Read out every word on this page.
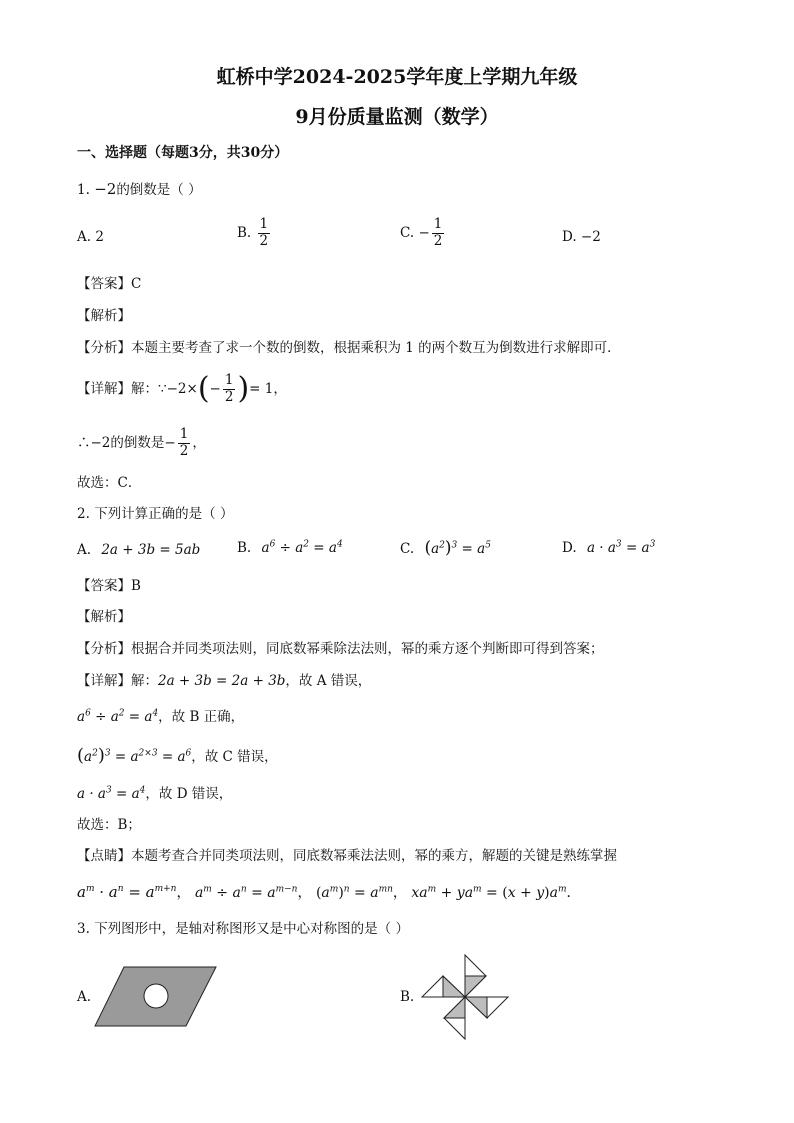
虹桥中学2024-2025学年度上学期九年级
9月份质量监测（数学）
一、选择题（每题3分，共30分）
1. −2的倒数是（ ）
A. 2	B. $\frac{1}{2}$	C. − $\frac{1}{2}$	D. −2
【答案】C
【解析】
【分析】本题主要考查了求一个数的倒数，根据乘积为 1 的两个数互为倒数进行求解即可．
【详解】解：∵−2×(− $\frac{1}{2}$ )= 1，
∴−2的倒数是− $\frac{1}{2}$ ，
故选：C．
2. 下列计算正确的是（ ）
A. 2a + 3b = 5ab	B. $a^6 \div a^2 = a^4$	C. $(a^2)^3 = a^5$	D. $a \cdot a^3 = a^3$
【答案】B
【解析】
【分析】根据合并同类项法则，同底数幂乘除法法则，幂的乘方逐个判断即可得到答案；
【详解】解：2a + 3b = 2a + 3b，故 A 错误，
$a^6 \div a^2 = a^4$，故 B 正确，
$(a^2)^3 = a^{2\times 3} = a^6$，故 C 错误，
$a \cdot a^3 = a^4$，故 D 错误，
故选：B；
【点睛】本题考查合并同类项法则，同底数幂乘法法则，幂的乘方，解题的关键是熟练掌握
$a^m \cdot a^n = a^{m+n}$， $a^m \div a^n = a^{m-n}$， $(a^m)^n = a^{mn}$， $xa^m + ya^m = (x + y)a^m$．
3. 下列图形中，是轴对称图形又是中心对称图的是（ ）
A.	B.
